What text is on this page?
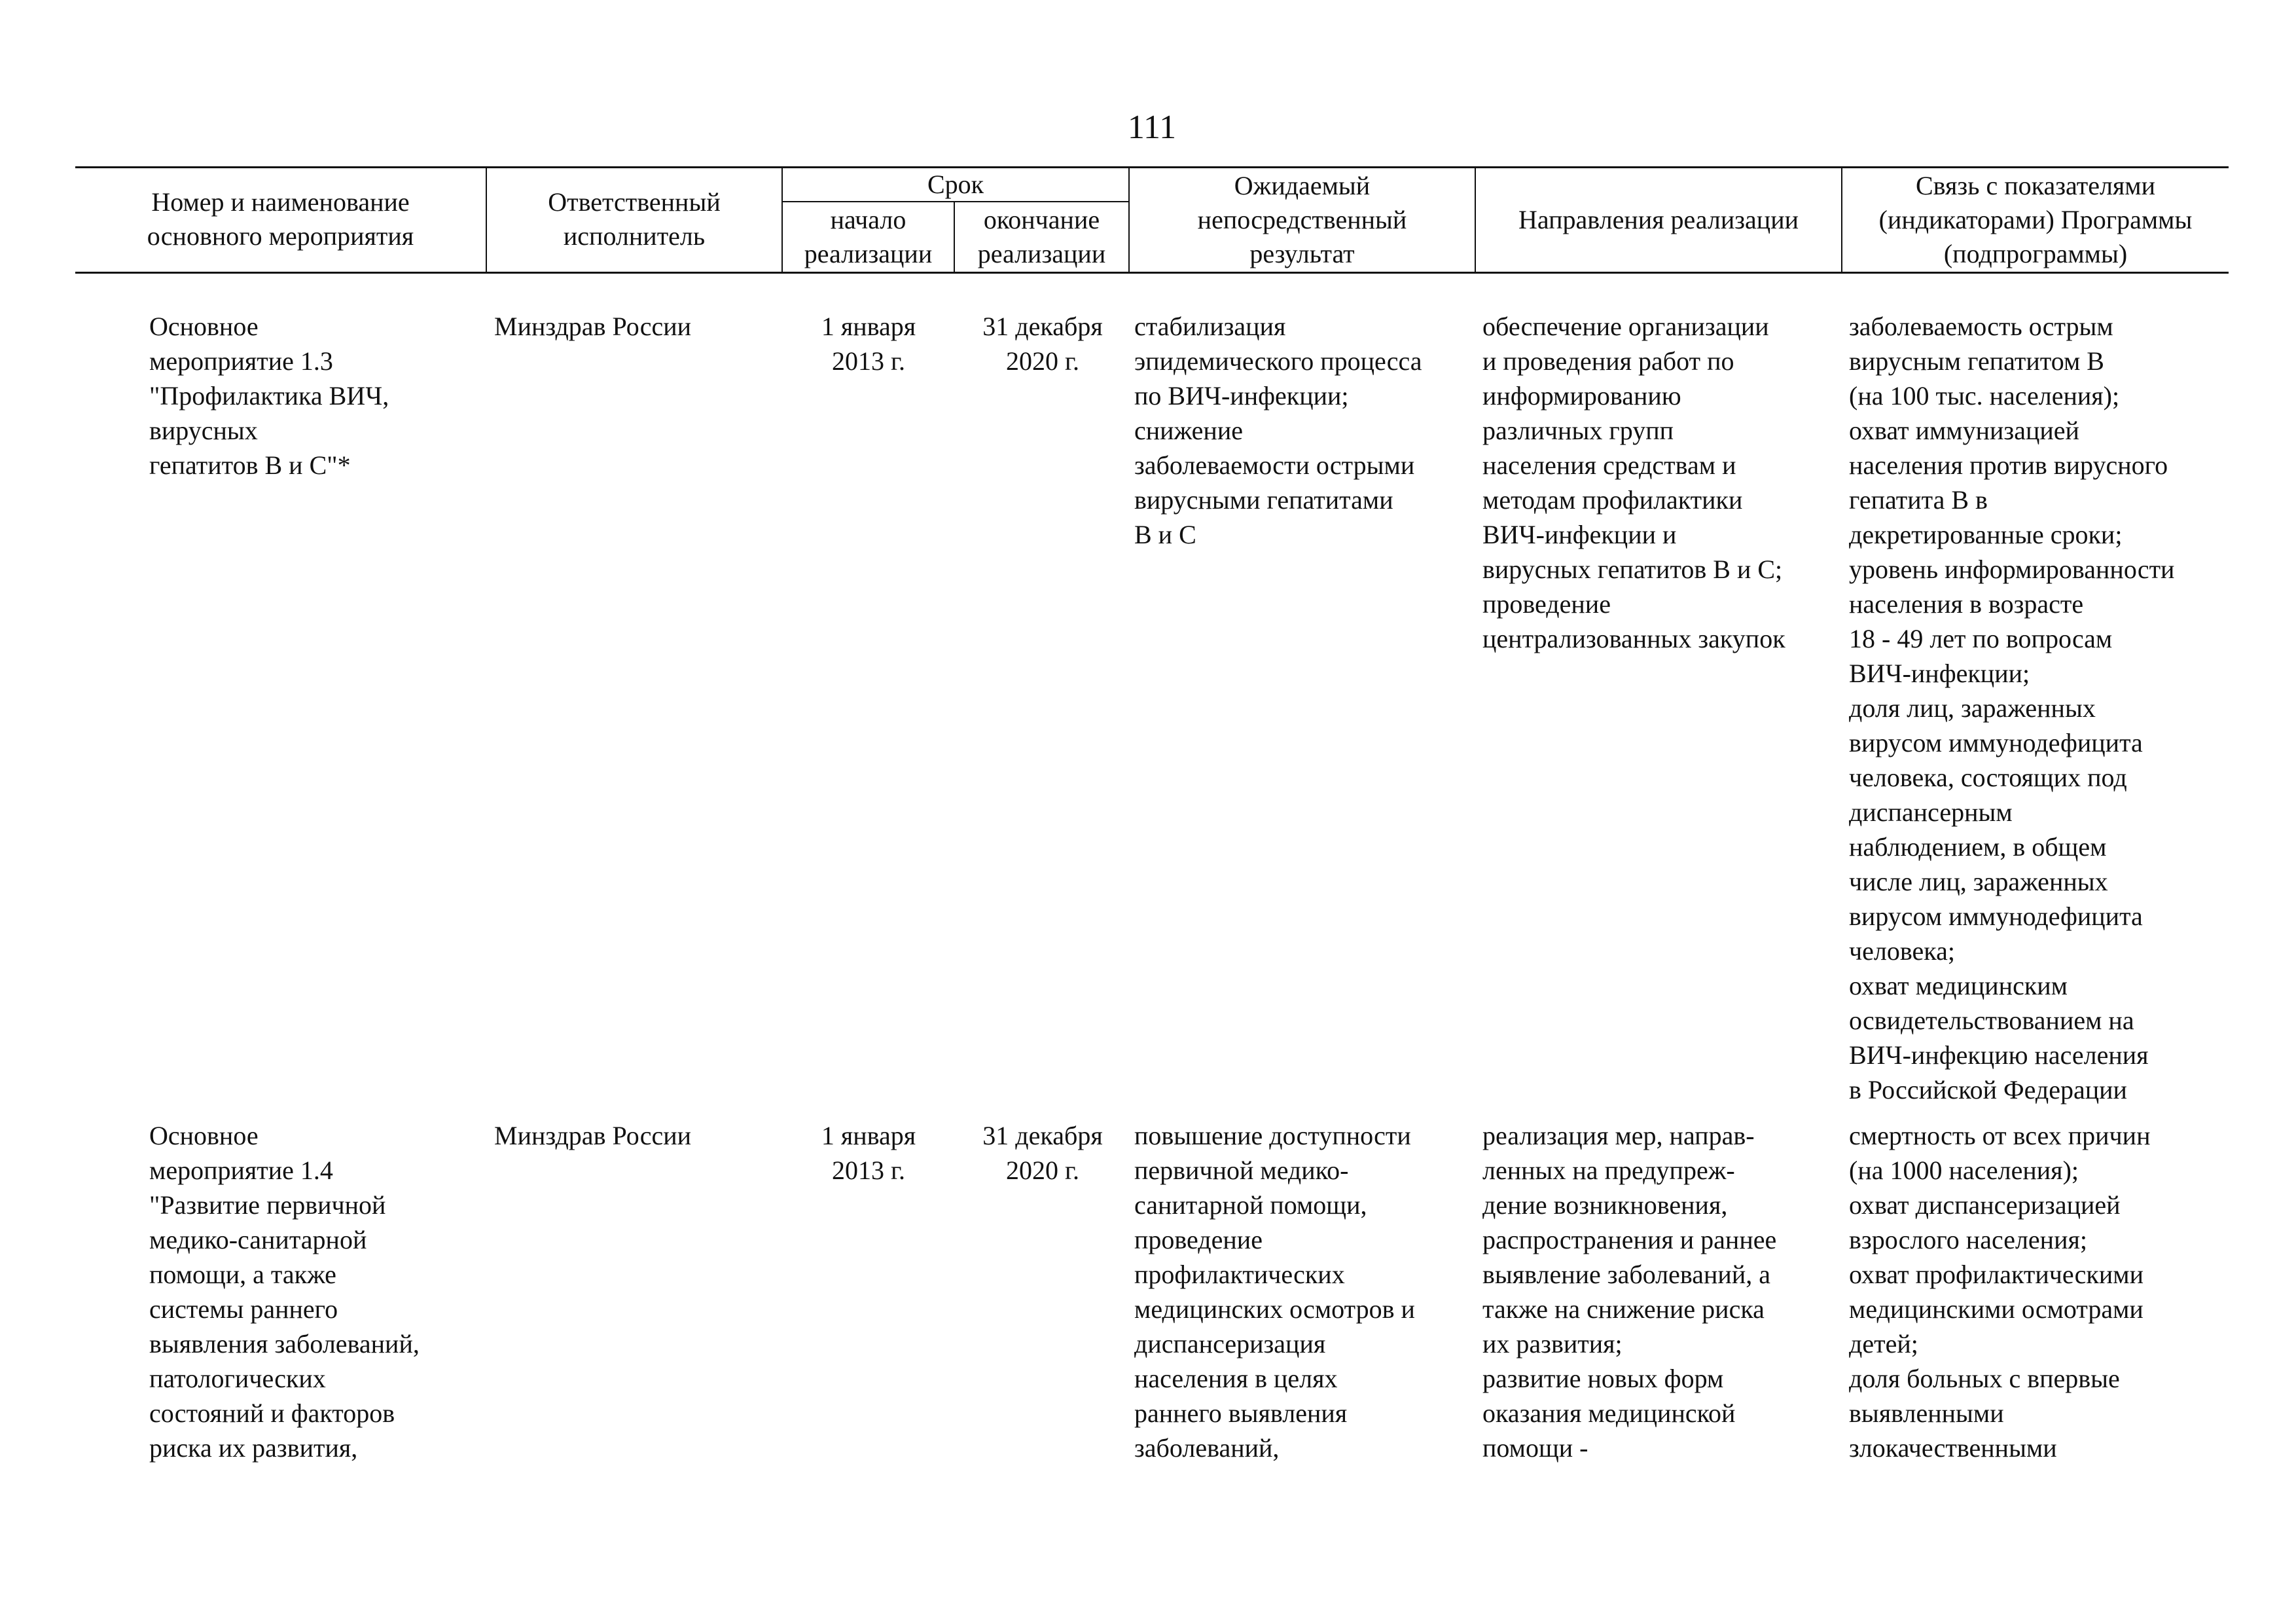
111
Номер и наименование
основного мероприятия
Ответственный
исполнитель
Срок
начало
реализации
окончание
реализации
Ожидаемый
непосредственный
результат
Направления реализации
Связь с показателями
(индикаторами) Программы
(подпрограммы)
Основное
мероприятие 1.3
"Профилактика ВИЧ,
вирусных
гепатитов В и С"*
Минздрав России	1 января
2013 г.
31 декабря
2020 г.
стабилизация
эпидемического процесса
по ВИЧ-инфекции;
снижение
заболеваемости острыми
вирусными гепатитами
В и С
обеспечение организации
и проведения работ по
информированию
различных групп
населения средствам и
методам профилактики
ВИЧ-инфекции и
вирусных гепатитов В и С;
проведение
централизованных закупок
заболеваемость острым
вирусным гепатитом В
(на 100 тыс. населения);
охват иммунизацией
населения против вирусного
гепатита В в
декретированные сроки;
уровень информированности
населения в возрасте
18 - 49 лет по вопросам
ВИЧ-инфекции;
доля лиц, зараженных
вирусом иммунодефицита
человека, состоящих под
диспансерным
наблюдением, в общем
числе лиц, зараженных
вирусом иммунодефицита
человека;
охват медицинским
освидетельствованием на
ВИЧ-инфекцию населения
в Российской Федерации
Основное
мероприятие 1.4
"Развитие первичной
медико-санитарной
помощи, а также
системы раннего
выявления заболеваний,
патологических
состояний и факторов
риска их развития,
Минздрав России	1 января
2013 г.
31 декабря
2020 г.
повышение доступности
первичной медико-
санитарной помощи,
проведение
профилактических
медицинских осмотров и
диспансеризация
населения в целях
раннего выявления
заболеваний,
реализация мер, направ-
ленных на предупреж-
дение возникновения,
распространения и раннее
выявление заболеваний, а
также на снижение риска
их развития;
развитие новых форм
оказания медицинской
помощи -
смертность от всех причин
(на 1000 населения);
охват диспансеризацией
взрослого населения;
охват профилактическими
медицинскими осмотрами
детей;
доля больных с впервые
выявленными
злокачественными
